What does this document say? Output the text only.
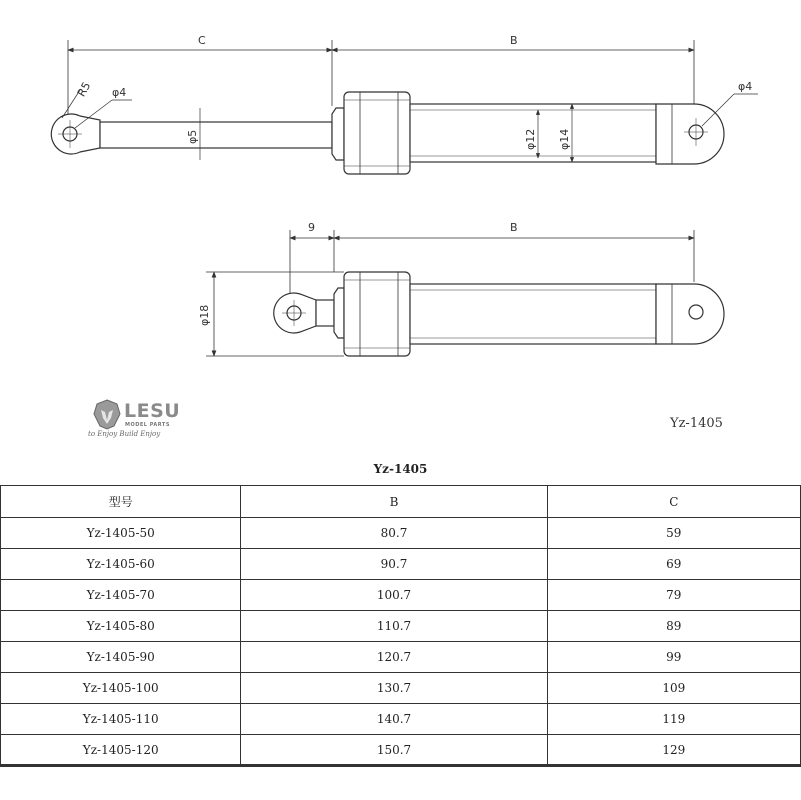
C	B
R5 φ4
φ5	φ12 φ14
φ4
9	B
φ18
LESU
MODEL PARTS
to Enjoy Build Enjoy
Yz-1405
Yz-1405
型号	B	C
Yz-1405-50	80.7	59
Yz-1405-60	90.7	69
Yz-1405-70	100.7	79
Yz-1405-80	110.7	89
Yz-1405-90	120.7	99
Yz-1405-100	130.7	109
Yz-1405-110	140.7	119
Yz-1405-120	150.7	129
